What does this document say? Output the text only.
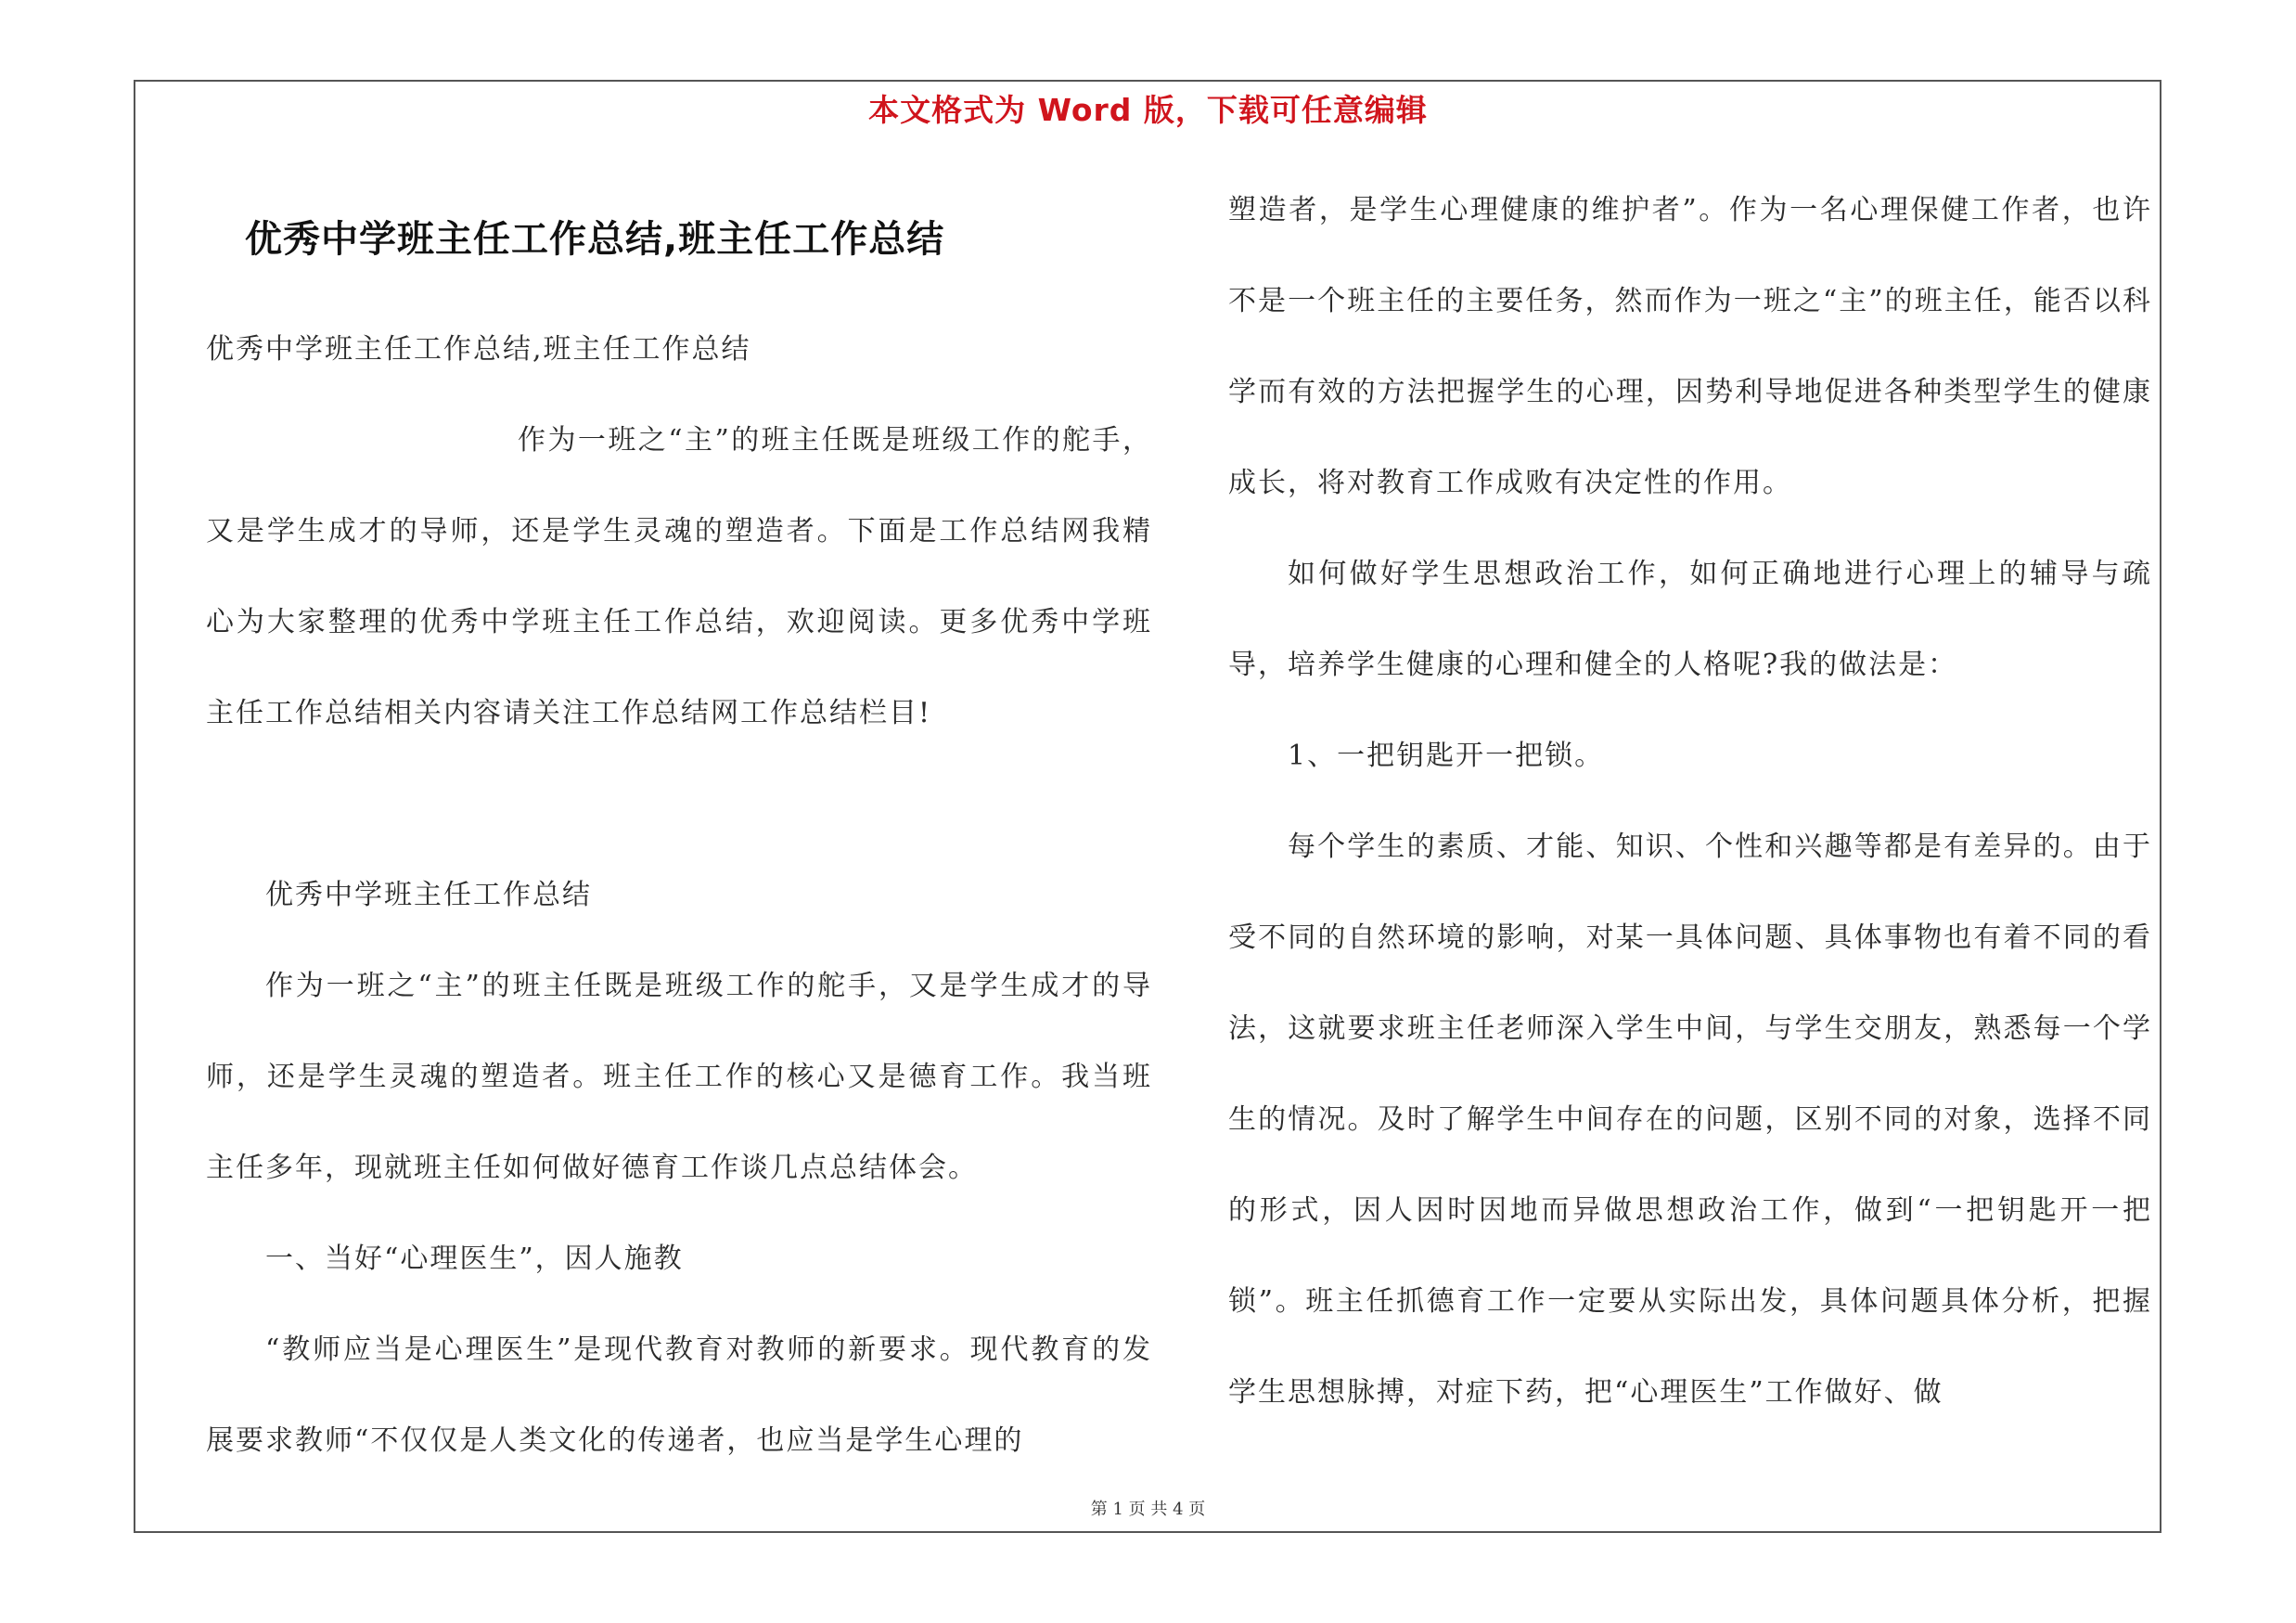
本文格式为 Word 版，下载可任意编辑
优秀中学班主任工作总结,班主任工作总结

优秀中学班主任工作总结,班主任工作总结

作为一班之“主”的班主任既是班级工作的舵手，又是学生成才的导师，还是学生灵魂的塑造者。下面是工作总结网我精心为大家整理的优秀中学班主任工作总结，欢迎阅读。更多优秀中学班主任工作总结相关内容请关注工作总结网工作总结栏目!

优秀中学班主任工作总结

作为一班之“主”的班主任既是班级工作的舵手，又是学生成才的导师，还是学生灵魂的塑造者。班主任工作的核心又是德育工作。我当班主任多年，现就班主任如何做好德育工作谈几点总结体会。

一、当好“心理医生”，因人施教

“教师应当是心理医生”是现代教育对教师的新要求。现代教育的发展要求教师“不仅仅是人类文化的传递者，也应当是学生心理的

塑造者，是学生心理健康的维护者”。作为一名心理保健工作者，也许不是一个班主任的主要任务，然而作为一班之“主”的班主任，能否以科学而有效的方法把握学生的心理，因势利导地促进各种类型学生的健康成长，将对教育工作成败有决定性的作用。

如何做好学生思想政治工作，如何正确地进行心理上的辅导与疏导，培养学生健康的心理和健全的人格呢?我的做法是：

1、一把钥匙开一把锁。

每个学生的素质、才能、知识、个性和兴趣等都是有差异的。由于受不同的自然环境的影响，对某一具体问题、具体事物也有着不同的看法，这就要求班主任老师深入学生中间，与学生交朋友，熟悉每一个学生的情况。及时了解学生中间存在的问题，区别不同的对象，选择不同的形式，因人因时因地而异做思想政治工作，做到“一把钥匙开一把锁”。班主任抓德育工作一定要从实际出发，具体问题具体分析，把握学生思想脉搏，对症下药，把“心理医生”工作做好、做

第 1 页 共 4 页
